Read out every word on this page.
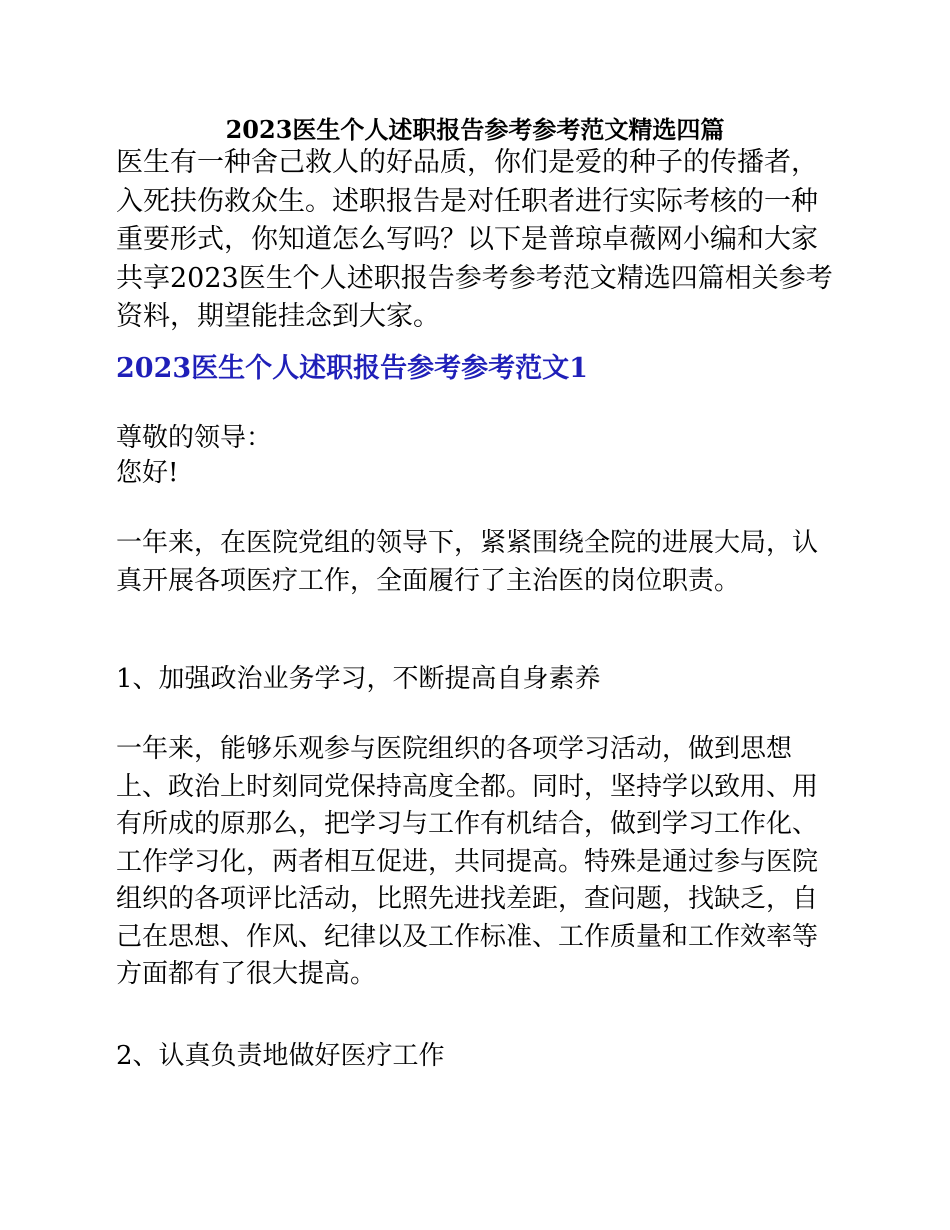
2023医生个人述职报告参考参考范文精选四篇

医生有一种舍己救人的好品质，你们是爱的种子的传播者，入死扶伤救众生。述职报告是对任职者进行实际考核的一种重要形式，你知道怎么写吗？以下是普琼卓薇网小编和大家共享2023医生个人述职报告参考参考范文精选四篇相关参考资料，期望能挂念到大家。

2023医生个人述职报告参考参考范文1

尊敬的领导：

您好!

一年来，在医院党组的领导下，紧紧围绕全院的进展大局，认真开展各项医疗工作，全面履行了主治医的岗位职责。

1、加强政治业务学习，不断提高自身素养

一年来，能够乐观参与医院组织的各项学习活动，做到思想上、政治上时刻同党保持高度全都。同时，坚持学以致用、用有所成的原那么，把学习与工作有机结合，做到学习工作化、工作学习化，两者相互促进，共同提高。特殊是通过参与医院组织的各项评比活动，比照先进找差距，查问题，找缺乏，自己在思想、作风、纪律以及工作标准、工作质量和工作效率等方面都有了很大提高。

2、认真负责地做好医疗工作
